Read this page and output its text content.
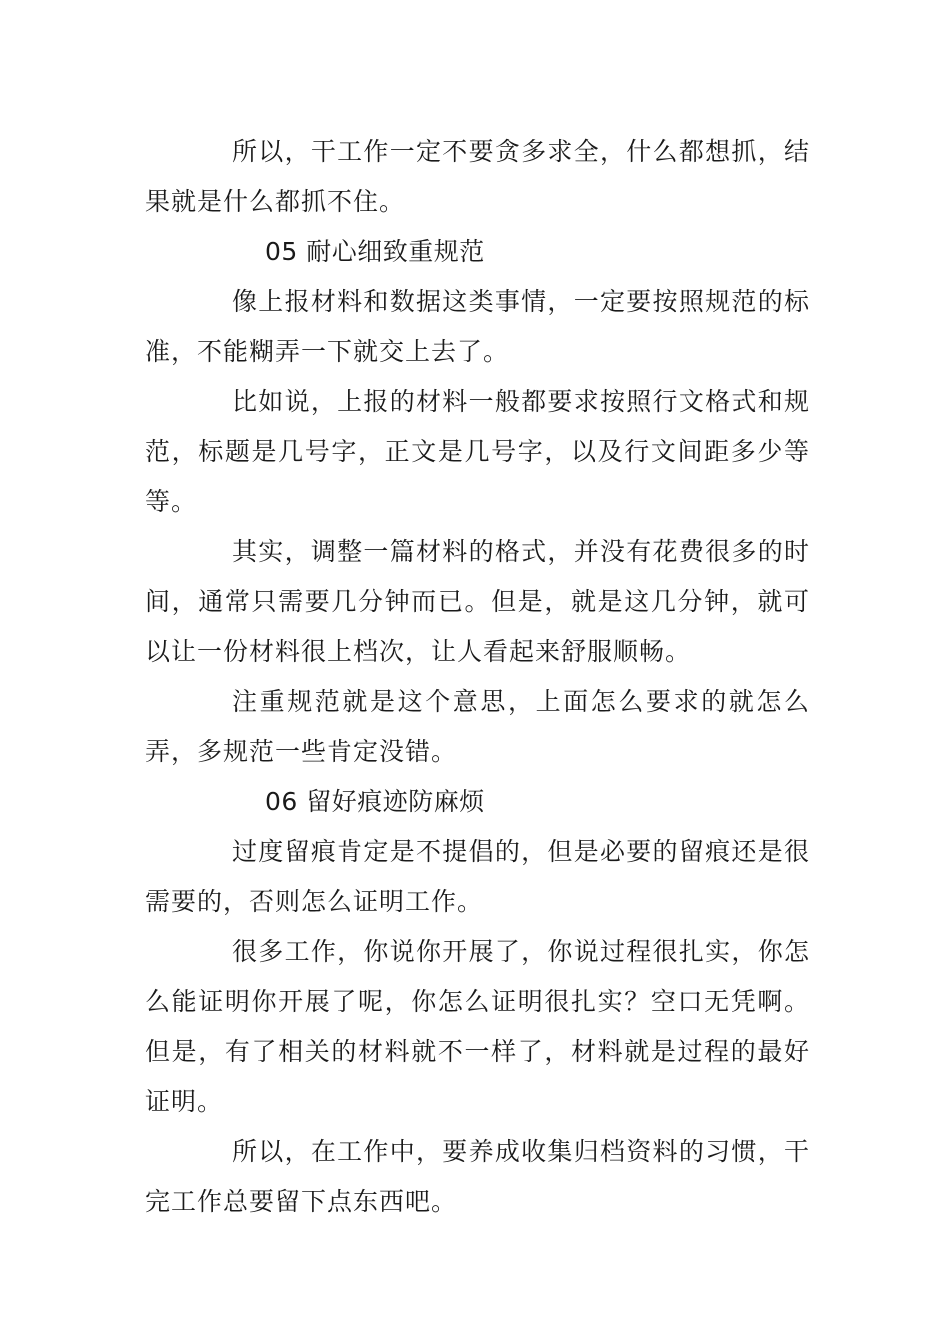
所以，干工作一定不要贪多求全，什么都想抓，结果就是什么都抓不住。

05 耐心细致重规范

像上报材料和数据这类事情，一定要按照规范的标准，不能糊弄一下就交上去了。

比如说，上报的材料一般都要求按照行文格式和规范，标题是几号字，正文是几号字，以及行文间距多少等等。

其实，调整一篇材料的格式，并没有花费很多的时间，通常只需要几分钟而已。但是，就是这几分钟，就可以让一份材料很上档次，让人看起来舒服顺畅。

注重规范就是这个意思，上面怎么要求的就怎么弄，多规范一些肯定没错。

06 留好痕迹防麻烦

过度留痕肯定是不提倡的，但是必要的留痕还是很需要的，否则怎么证明工作。

很多工作，你说你开展了，你说过程很扎实，你怎么能证明你开展了呢，你怎么证明很扎实？空口无凭啊。但是，有了相关的材料就不一样了，材料就是过程的最好证明。

所以，在工作中，要养成收集归档资料的习惯，干完工作总要留下点东西吧。
